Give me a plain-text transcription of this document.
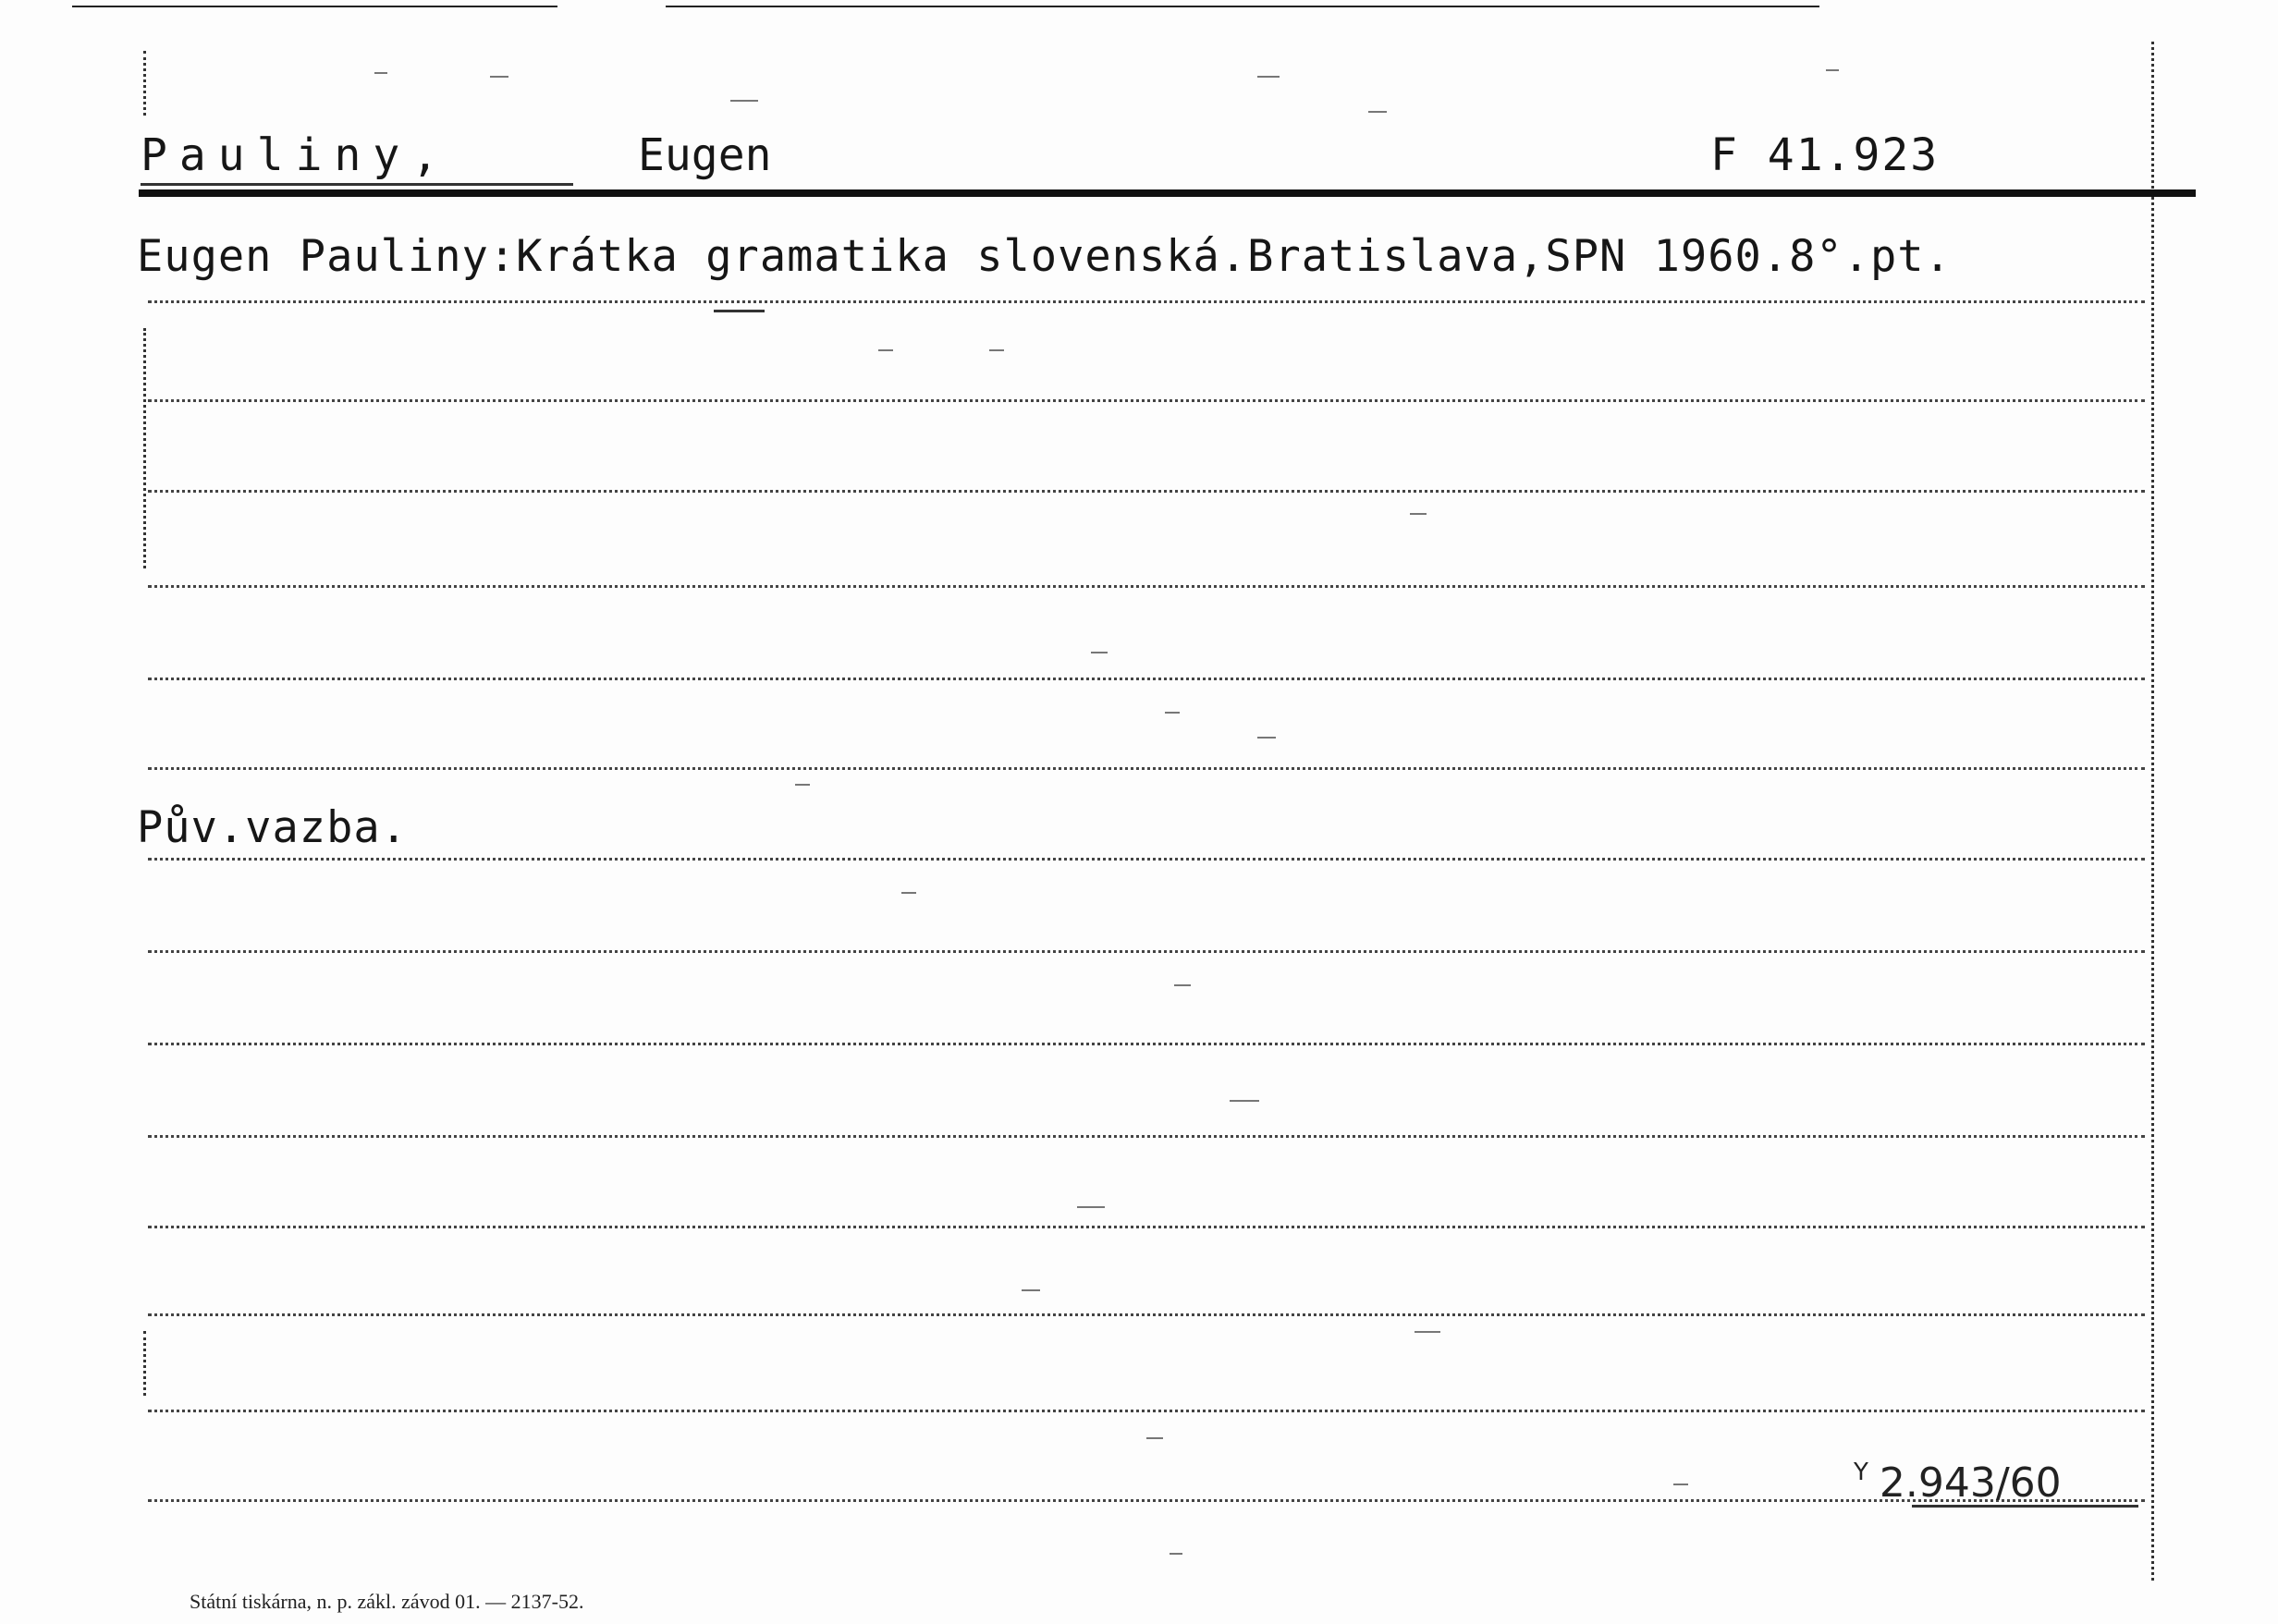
Pauliny,	Eugen	F 41.923
Eugen Pauliny:Krátka gramatika slovenská.Bratislava,SPN 1960.8°.pt.
Pův.vazba.
$^Y$ 2.943/60
Státní tiskárna, n. p. zákl. závod 01. — 2137-52.
